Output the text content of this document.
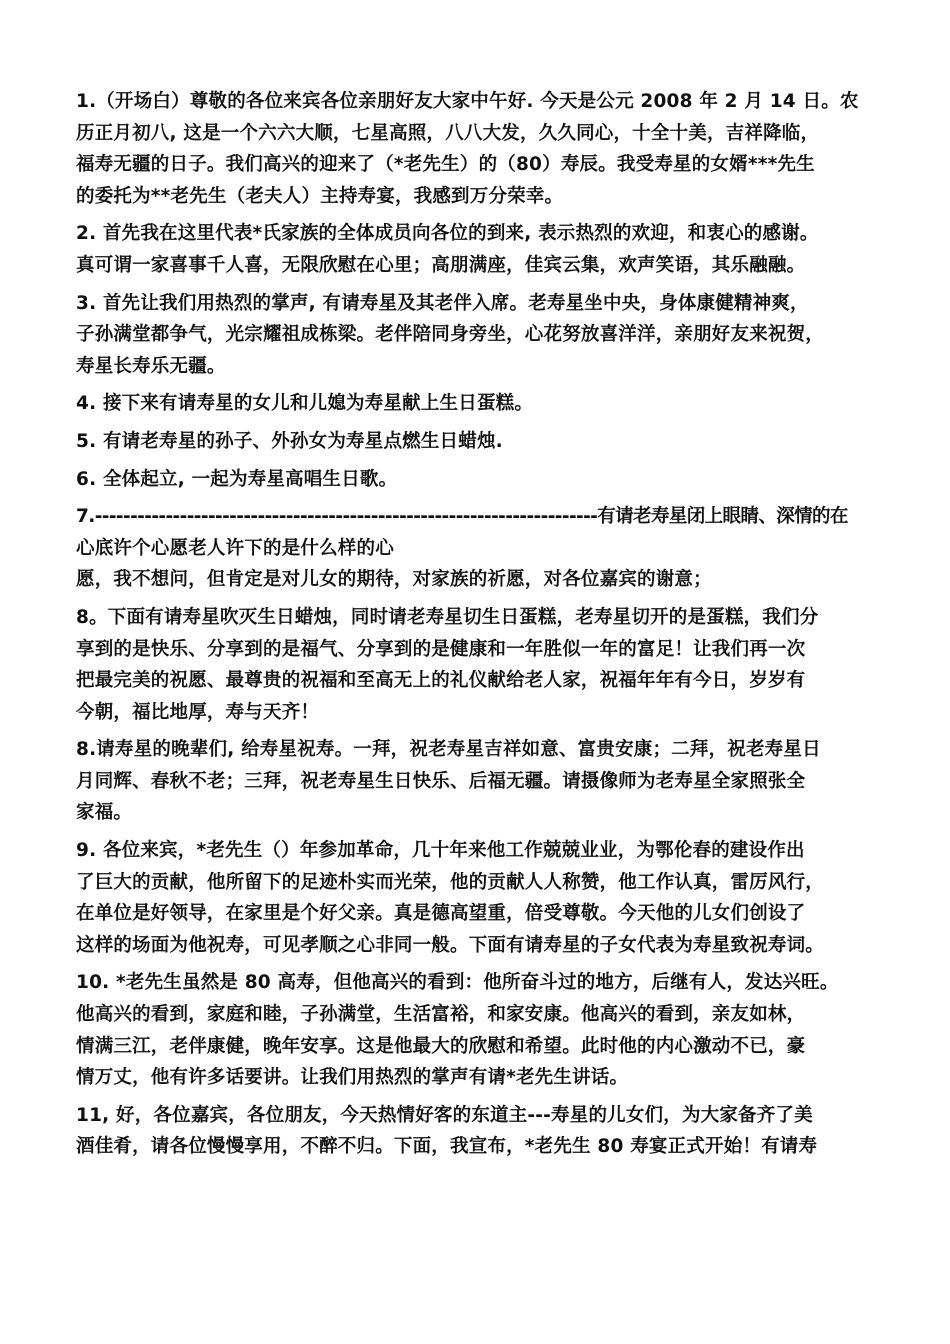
1.（开场白）尊敬的各位来宾各位亲朋好友大家中午好. 今天是公元 2008 年 2 月 14 日。农
历正月初八, 这是一个六六大顺，七星高照，八八大发，久久同心，十全十美，吉祥降临，
福寿无疆的日子。我们高兴的迎来了（*老先生）的（80）寿辰。我受寿星的女婿***先生
的委托为**老先生（老夫人）主持寿宴，我感到万分荣幸。
2. 首先我在这里代表*氏家族的全体成员向各位的到来, 表示热烈的欢迎，和衷心的感谢。
真可谓一家喜事千人喜，无限欣慰在心里；高朋满座，佳宾云集，欢声笑语，其乐融融。
3. 首先让我们用热烈的掌声, 有请寿星及其老伴入席。老寿星坐中央，身体康健精神爽，
子孙满堂都争气，光宗耀祖成栋梁。老伴陪同身旁坐，心花努放喜洋洋，亲朋好友来祝贺，
寿星长寿乐无疆。
4. 接下来有请寿星的女儿和儿媳为寿星献上生日蛋糕。
5. 有请老寿星的孙子、外孙女为寿星点燃生日蜡烛.
6. 全体起立, 一起为寿星高唱生日歌。
7.-----------------------------------------------------------------------有请老寿星闭上眼睛、深情的在
心底许个心愿老人许下的是什么样的心
愿，我不想问，但肯定是对儿女的期待，对家族的祈愿，对各位嘉宾的谢意；
8。下面有请寿星吹灭生日蜡烛，同时请老寿星切生日蛋糕，老寿星切开的是蛋糕，我们分
享到的是快乐、分享到的是福气、分享到的是健康和一年胜似一年的富足！让我们再一次
把最完美的祝愿、最尊贵的祝福和至高无上的礼仪献给老人家，祝福年年有今日，岁岁有
今朝，福比地厚，寿与天齐！
8.请寿星的晚辈们, 给寿星祝寿。一拜，祝老寿星吉祥如意、富贵安康；二拜，祝老寿星日
月同辉、春秋不老；三拜，祝老寿星生日快乐、后福无疆。请摄像师为老寿星全家照张全
家福。
9. 各位来宾，*老先生（）年参加革命，几十年来他工作兢兢业业，为鄂伦春的建设作出
了巨大的贡献，他所留下的足迹朴实而光荣，他的贡献人人称赞，他工作认真，雷厉风行，
在单位是好领导，在家里是个好父亲。真是德高望重，倍受尊敬。今天他的儿女们创设了
这样的场面为他祝寿，可见孝顺之心非同一般。下面有请寿星的子女代表为寿星致祝寿词。
10. *老先生虽然是 80 高寿，但他高兴的看到：他所奋斗过的地方，后继有人，发达兴旺。
他高兴的看到，家庭和睦，子孙满堂，生活富裕，和家安康。他高兴的看到，亲友如林，
情满三江，老伴康健，晚年安享。这是他最大的欣慰和希望。此时他的内心激动不已，豪
情万丈，他有许多话要讲。让我们用热烈的掌声有请*老先生讲话。
11, 好，各位嘉宾，各位朋友，今天热情好客的东道主---寿星的儿女们，为大家备齐了美
酒佳肴，请各位慢慢享用，不醉不归。下面，我宣布，*老先生 80 寿宴正式开始！有请寿
